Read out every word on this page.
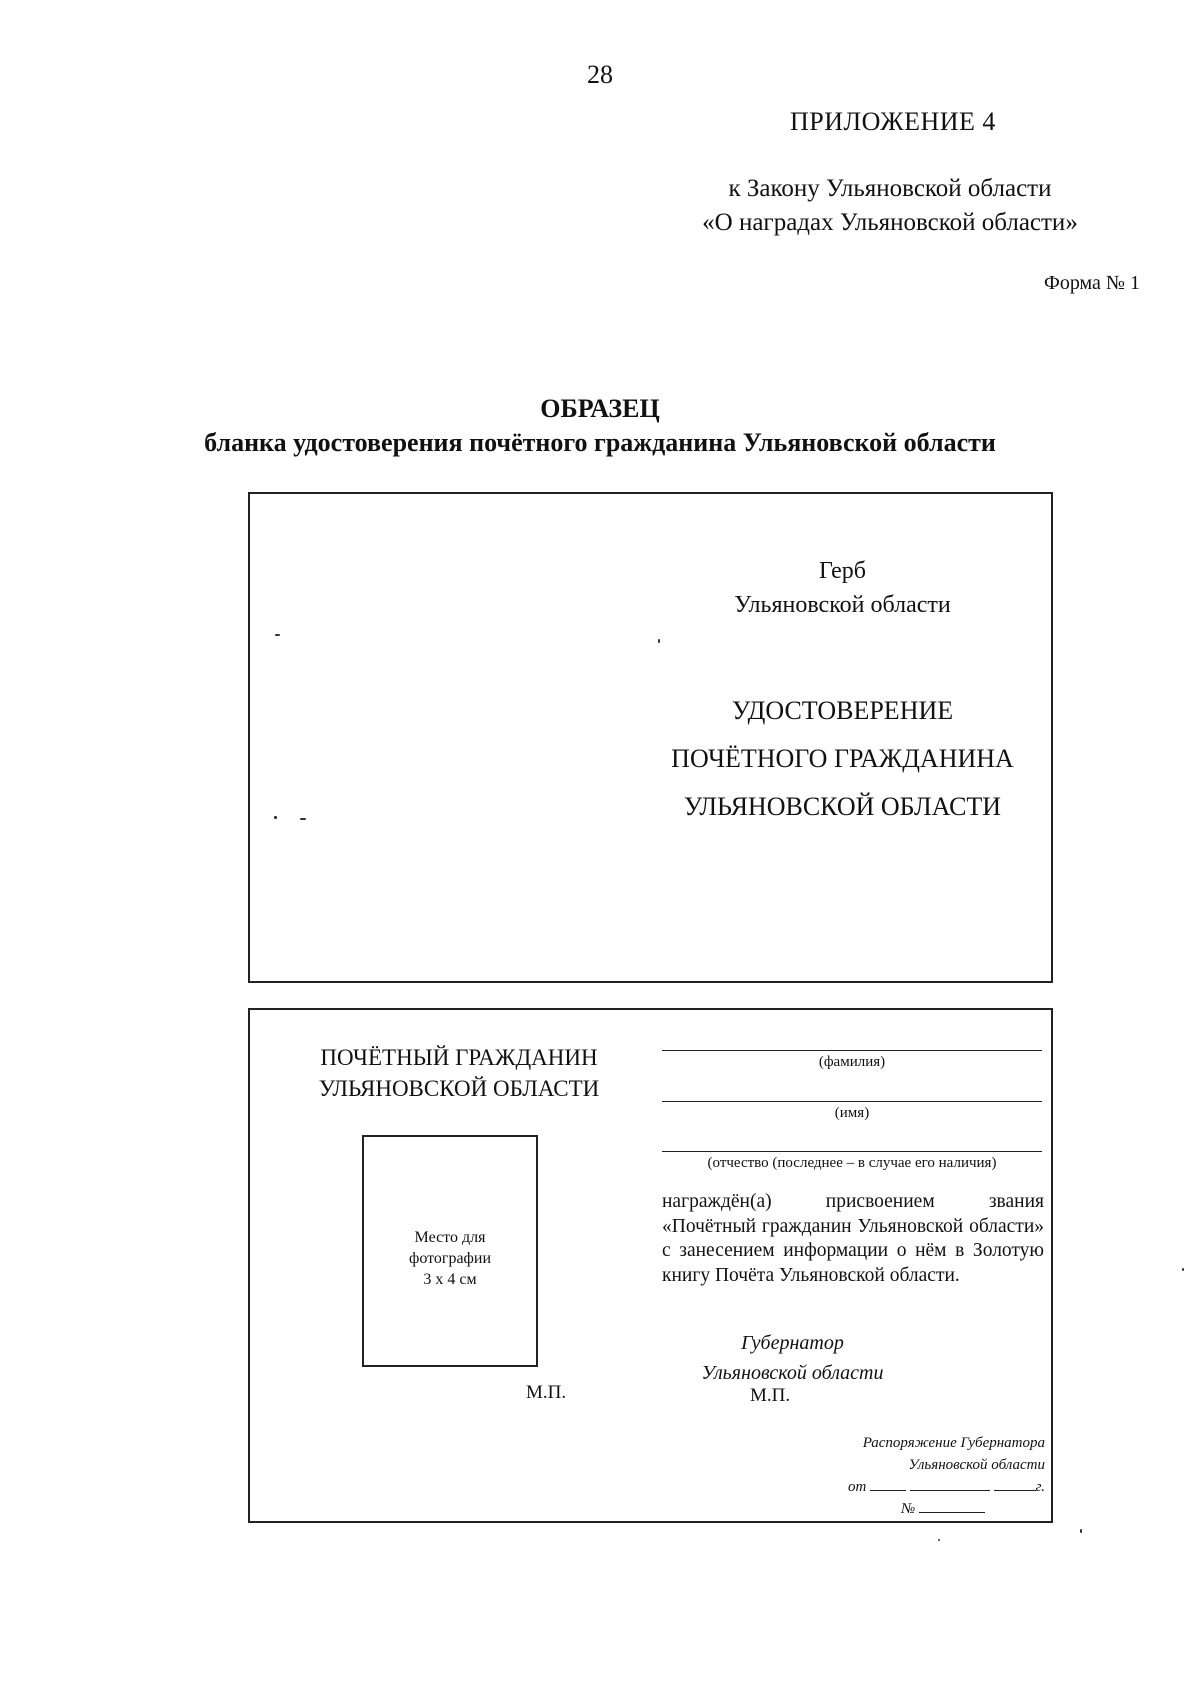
28
ПРИЛОЖЕНИЕ 4
к Закону Ульяновской области
«О наградах Ульяновской области»
Форма № 1
ОБРАЗЕЦ
бланка удостоверения почётного гражданина Ульяновской области
Герб
Ульяновской области
УДОСТОВЕРЕНИЕ
ПОЧЁТНОГО ГРАЖДАНИНА
УЛЬЯНОВСКОЙ ОБЛАСТИ
ПОЧЁТНЫЙ ГРАЖДАНИН
УЛЬЯНОВСКОЙ ОБЛАСТИ
Место для
фотографии
3 х 4 см
М.П.
(фамилия)
(имя)
(отчество (последнее – в случае его наличия)
награждён(а) присвоением звания «Почётный гражданин Ульяновской области» с занесением информации о нём в Золотую книгу Почёта Ульяновской области.
Губернатор
Ульяновской области
М.П.
Распоряжение Губернатора
Ульяновской области
от	г.
№
